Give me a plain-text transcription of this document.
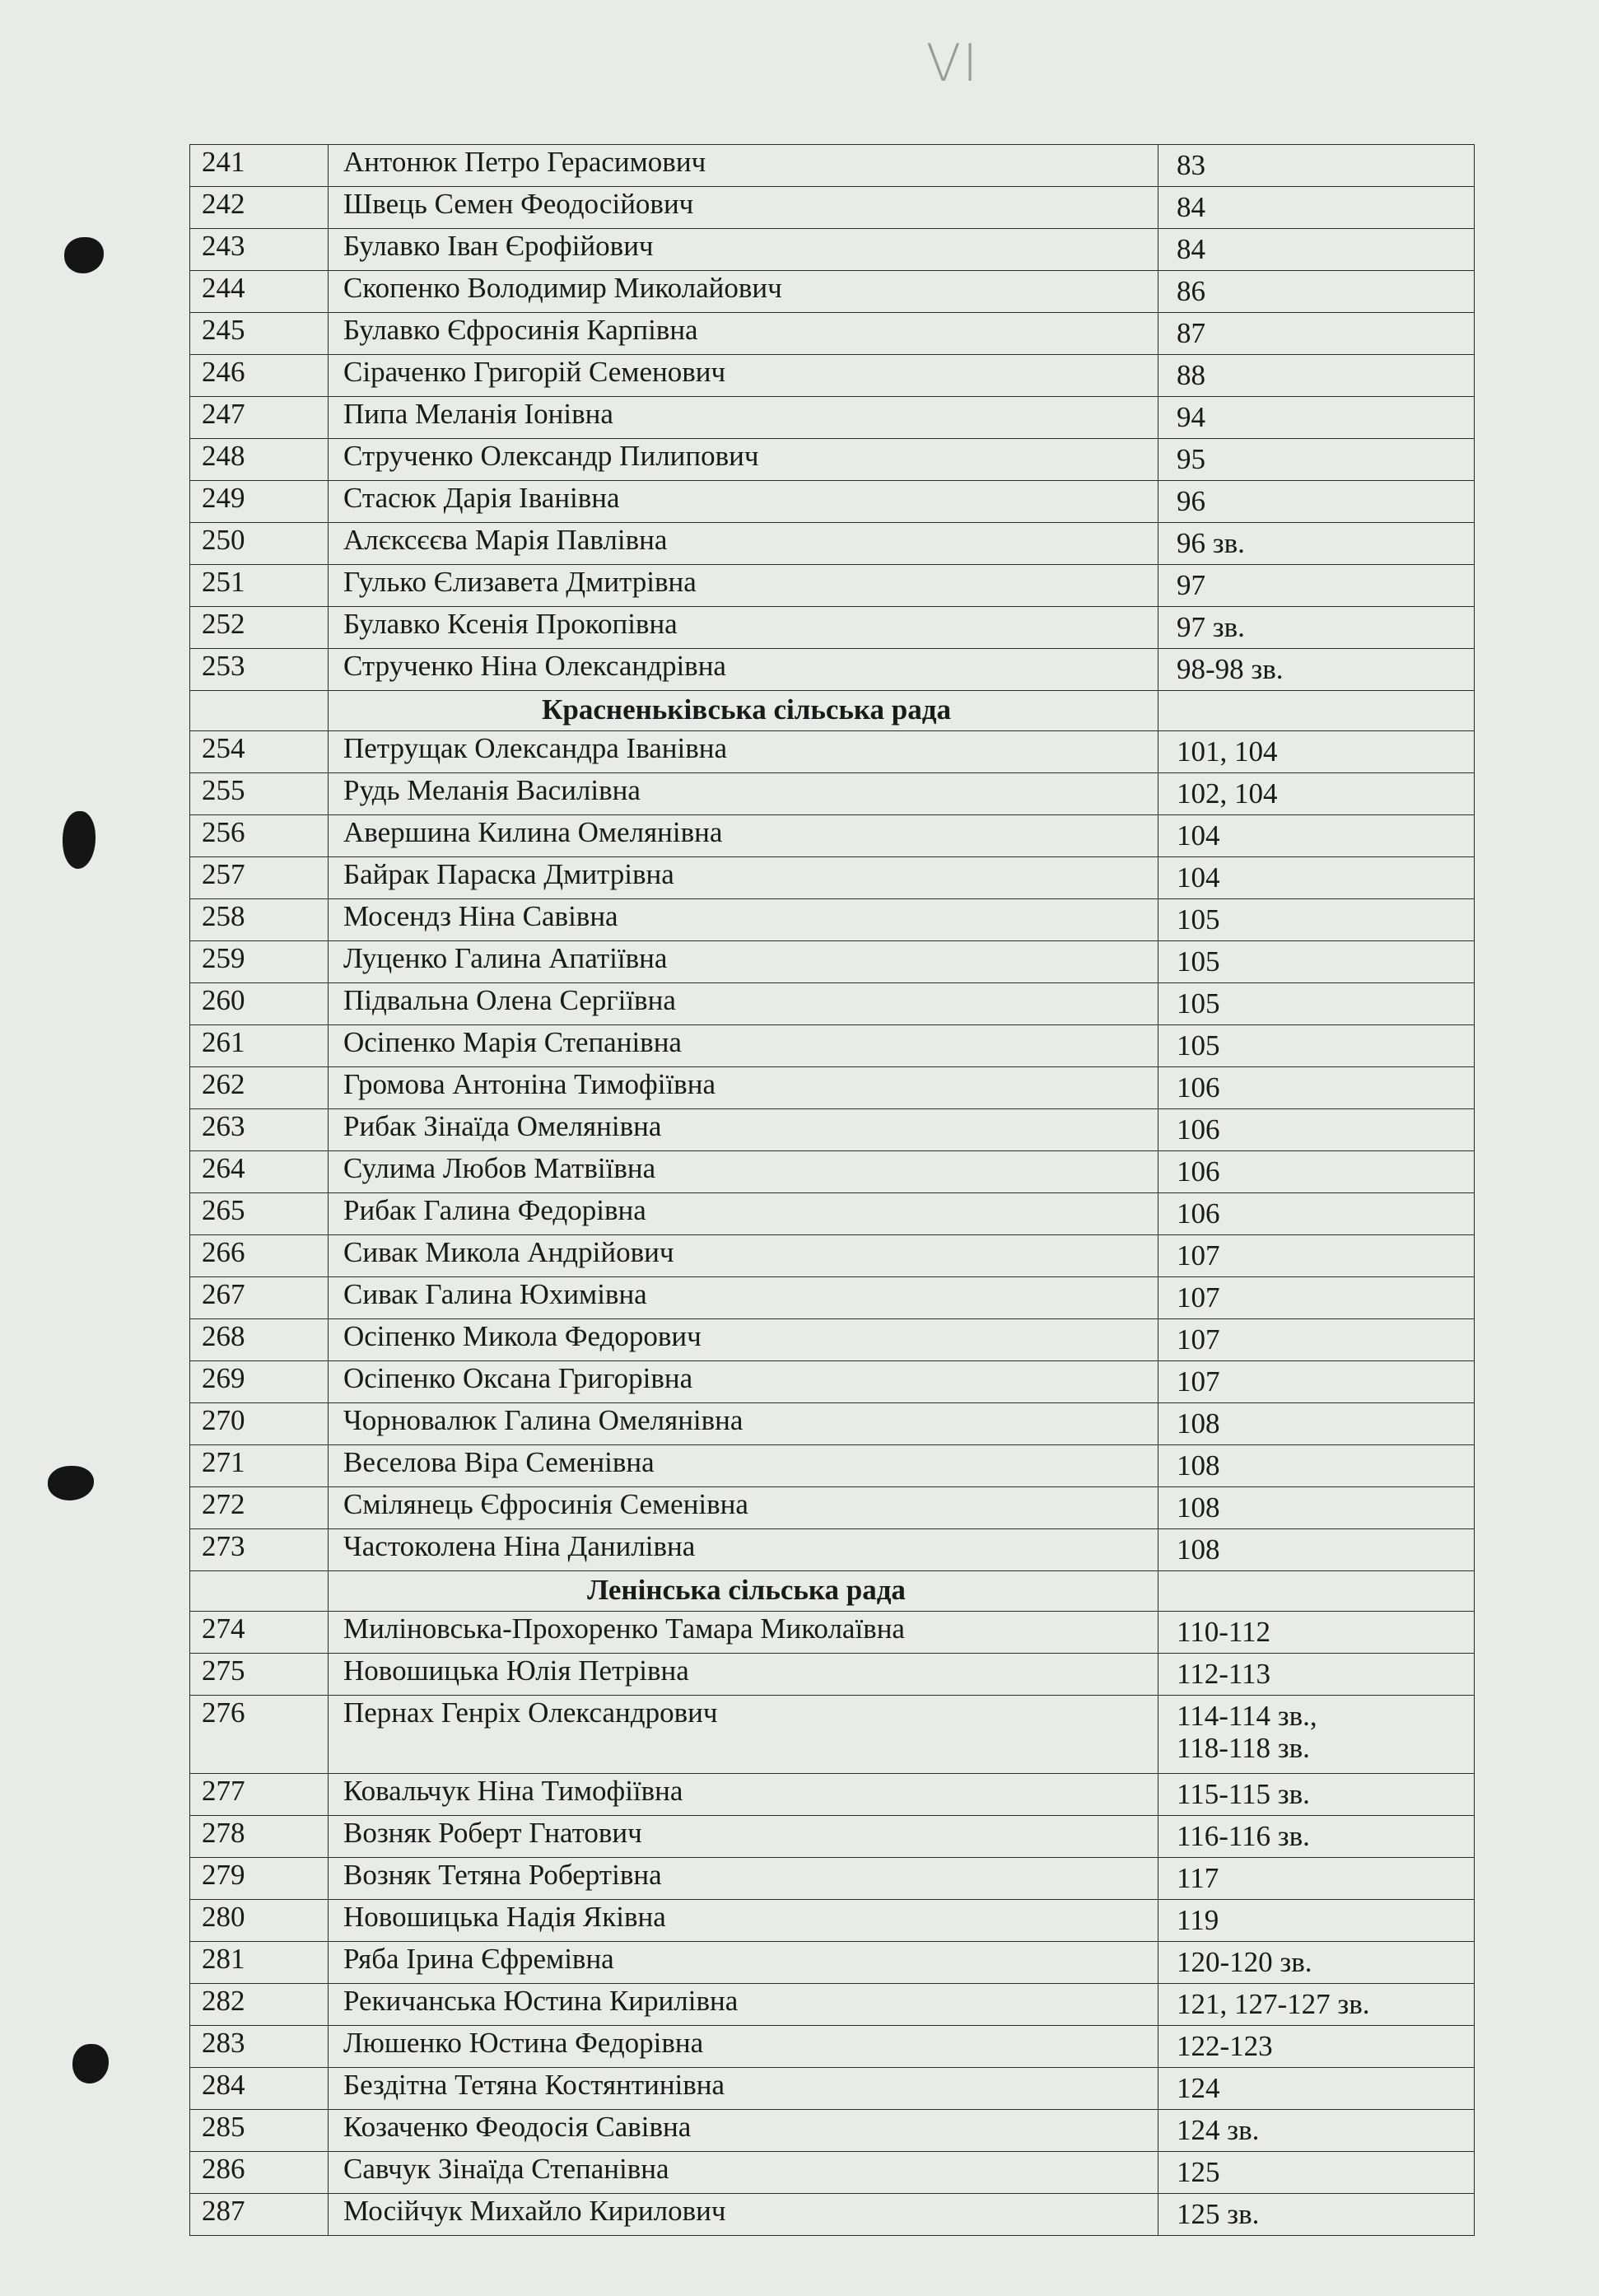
VI
241	Антонюк Петро Герасимович	83

242	Швець Семен Феодосійович	84

243	Булавко Іван Єрофійович	84

244	Скопенко Володимир Миколайович	86

245	Булавко Єфросинія Карпівна	87

246	Сіраченко Григорій Семенович	88

247	Пипа Меланія Іонівна	94

248	Струченко Олександр Пилипович	95

249	Стасюк Дарія Іванівна	96

250	Алєксєєва Марія Павлівна	96 зв.

251	Гулько Єлизавета Дмитрівна	97

252	Булавко Ксенія Прокопівна	97 зв.

253	Струченко Ніна Олександрівна	98-98 зв.

	Красненьківська сільська рада	
254	Петрущак Олександра Іванівна	101, 104

255	Рудь Меланія Василівна	102, 104

256	Авершина Килина Омелянівна	104

257	Байрак Параска Дмитрівна	104

258	Мосендз Ніна Савівна	105

259	Луценко Галина Апатіївна	105

260	Підвальна Олена Сергіївна	105

261	Осіпенко Марія Степанівна	105

262	Громова Антоніна Тимофіївна	106

263	Рибак Зінаїда Омелянівна	106

264	Сулима Любов Матвіївна	106

265	Рибак Галина Федорівна	106

266	Сивак Микола Андрійович	107

267	Сивак Галина Юхимівна	107

268	Осіпенко Микола Федорович	107

269	Осіпенко Оксана Григорівна	107

270	Чорновалюк Галина Омелянівна	108

271	Веселова Віра Семенівна	108

272	Смілянець Єфросинія Семенівна	108

273	Частоколена Ніна Данилівна	108

	Ленінська сільська рада	
274	Миліновська-Прохоренко Тамара Миколаївна	110-112

275	Новошицька Юлія Петрівна	112-113

276	Пернах Генріх Олександрович	114-114 зв.,
118-118 зв.

277	Ковальчук Ніна Тимофіївна	115-115 зв.

278	Возняк Роберт Гнатович	116-116 зв.

279	Возняк Тетяна Робертівна	117

280	Новошицька Надія Яківна	119

281	Ряба Ірина Єфремівна	120-120 зв.

282	Рекичанська Юстина Кирилівна	121, 127-127 зв.

283	Люшенко Юстина Федорівна	122-123

284	Бездітна Тетяна Костянтинівна	124

285	Козаченко Феодосія Савівна	124 зв.

286	Савчук Зінаїда Степанівна	125

287	Мосійчук Михайло Кирилович	125 зв.
